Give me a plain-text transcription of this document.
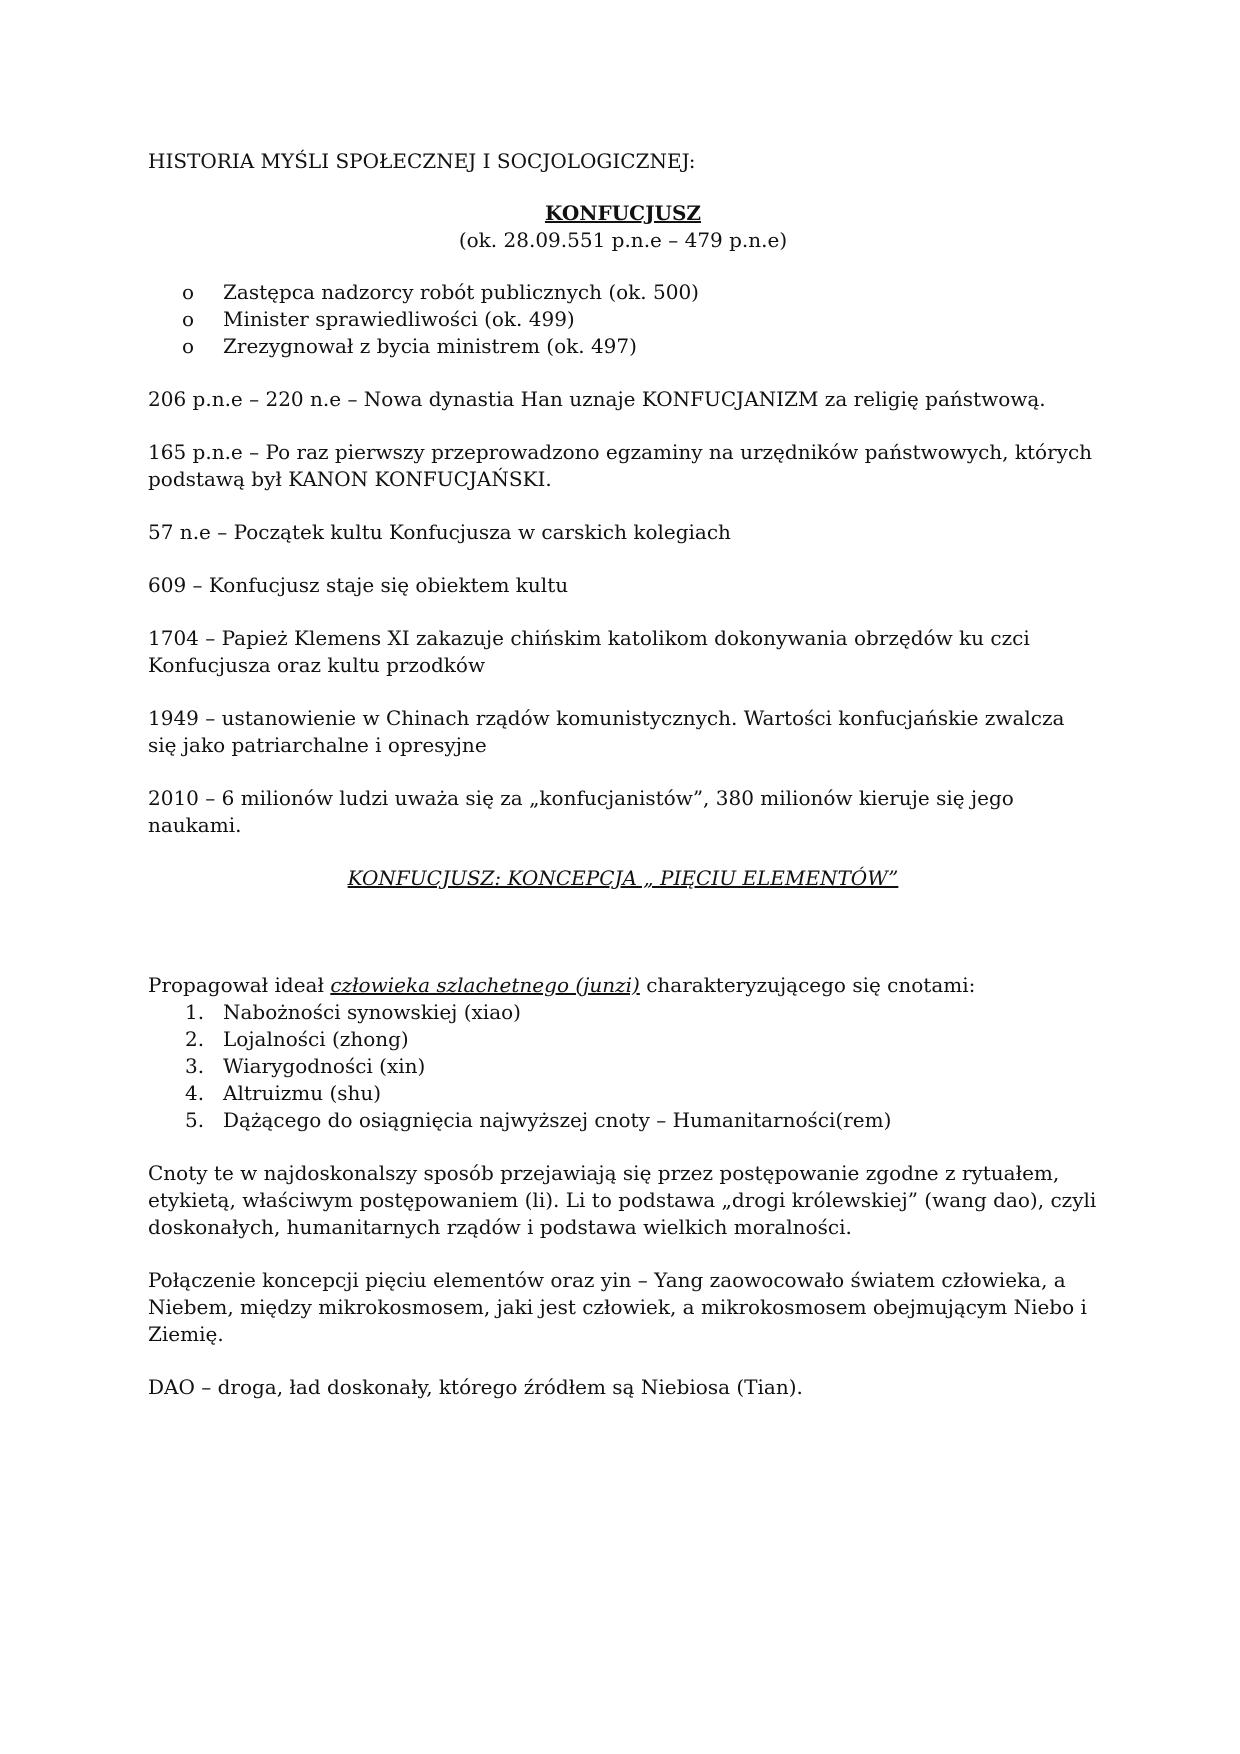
HISTORIA MYŚLI SPOŁECZNEJ I SOCJOLOGICZNEJ:

KONFUCJUSZ

(ok. 28.09.551 p.n.e – 479 p.n.e)

o Zastępca nadzorcy robót publicznych (ok. 500)
o Minister sprawiedliwości (ok. 499)
o Zrezygnował z bycia ministrem (ok. 497)

206 p.n.e – 220 n.e – Nowa dynastia Han uznaje KONFUCJANIZM za religię państwową.

165 p.n.e – Po raz pierwszy przeprowadzono egzaminy na urzędników państwowych, których podstawą był KANON KONFUCJAŃSKI.

57 n.e – Początek kultu Konfucjusza w carskich kolegiach

609 – Konfucjusz staje się obiektem kultu

1704 – Papież Klemens XI zakazuje chińskim katolikom dokonywania obrzędów ku czci Konfucjusza oraz kultu przodków

1949 – ustanowienie w Chinach rządów komunistycznych. Wartości konfucjańskie zwalcza się jako patriarchalne i opresyjne

2010 – 6 milionów ludzi uważa się za „konfucjanistów”, 380 milionów kieruje się jego naukami.

KONFUCJUSZ: KONCEPCJA „ PIĘCIU ELEMENTÓW”

Propagował ideał człowieka szlachetnego (junzi) charakteryzującego się cnotami:

1. Nabożności synowskiej (xiao)
2. Lojalności (zhong)
3. Wiarygodności (xin)
4. Altruizmu (shu)
5. Dążącego do osiągnięcia najwyższej cnoty – Humanitarności(rem)

Cnoty te w najdoskonalszy sposób przejawiają się przez postępowanie zgodne z rytuałem, etykietą, właściwym postępowaniem (li). Li to podstawa „drogi królewskiej” (wang dao), czyli doskonałych, humanitarnych rządów i podstawa wielkich moralności.

Połączenie koncepcji pięciu elementów oraz yin – Yang zaowocowało światem człowieka, a Niebem, między mikrokosmosem, jaki jest człowiek, a mikrokosmosem obejmującym Niebo i Ziemię.

DAO – droga, ład doskonały, którego źródłem są Niebiosa (Tian).
